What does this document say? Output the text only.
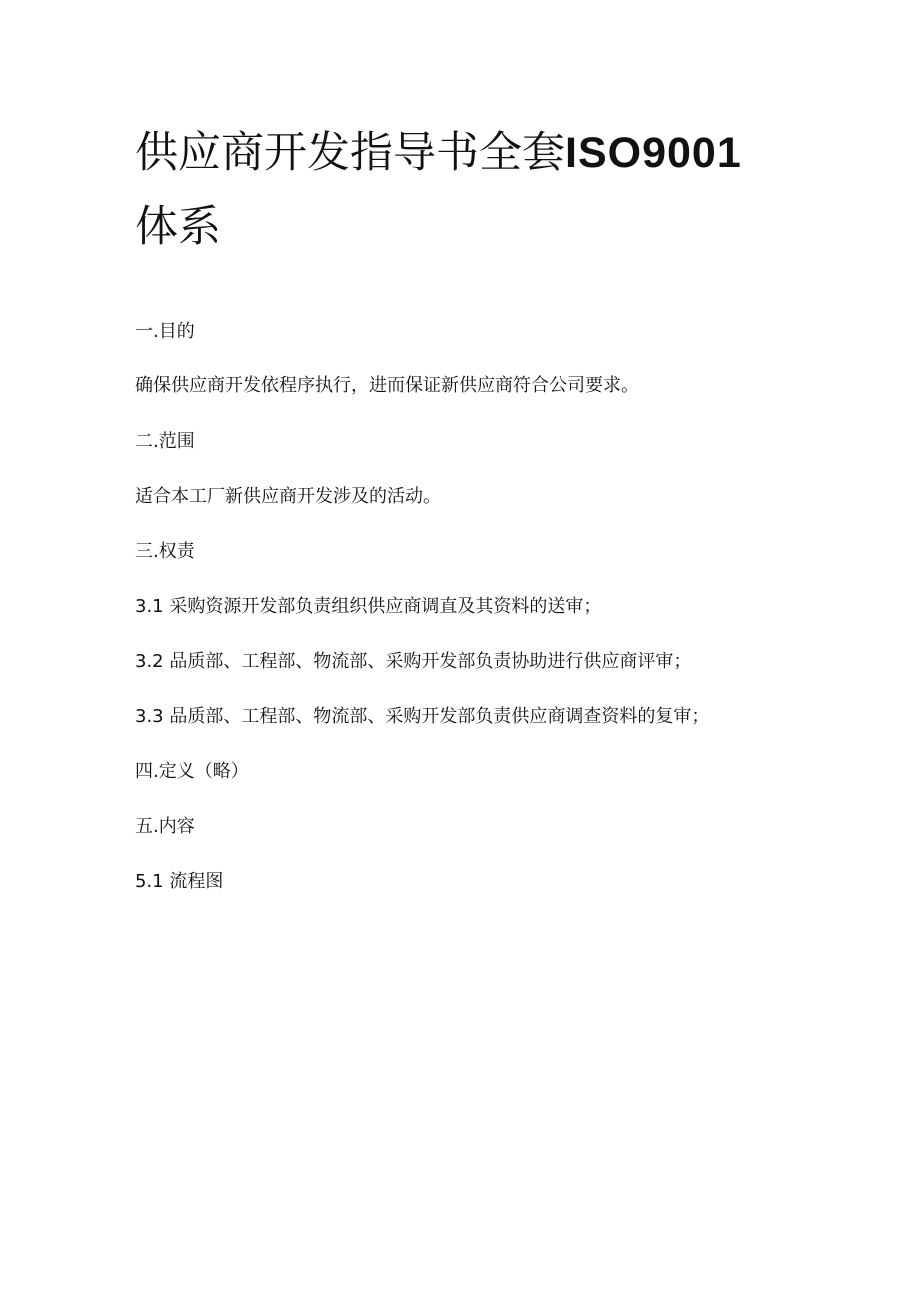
供应商开发指导书全套ISO9001
体系

一.目的

确保供应商开发依程序执行，进而保证新供应商符合公司要求。

二.范围

适合本工厂新供应商开发涉及的活动。

三.权责

3.1 采购资源开发部负责组织供应商调直及其资料的送审；

3.2 品质部、工程部、物流部、采购开发部负责协助进行供应商评审；

3.3 品质部、工程部、物流部、采购开发部负责供应商调查资料的复审；

四.定义（略）

五.内容

5.1 流程图
